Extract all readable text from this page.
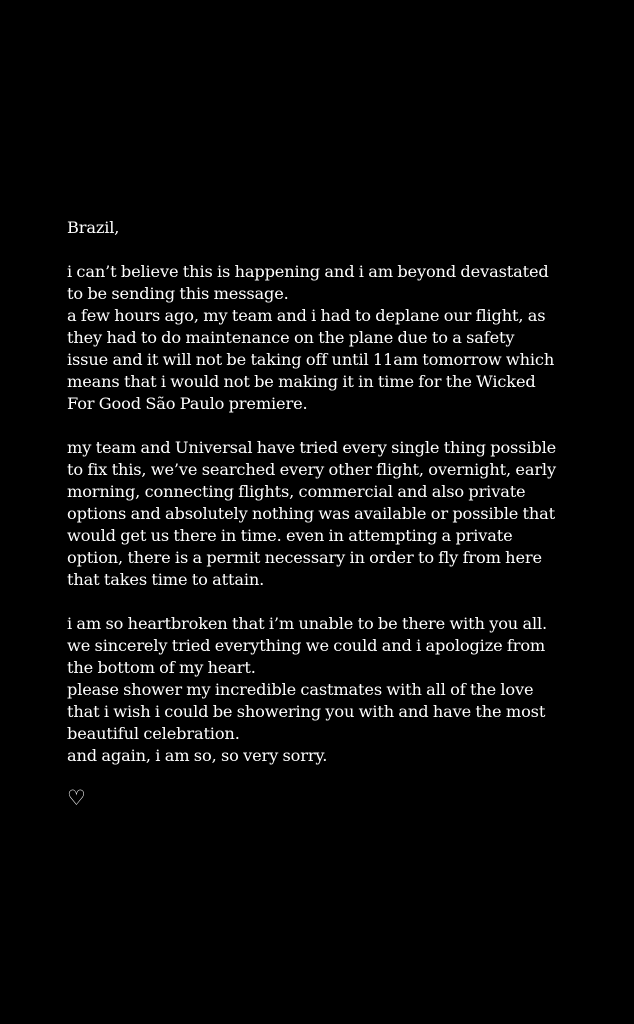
Brazil,
i can’t believe this is happening and i am beyond devastated
to be sending this message.
a few hours ago, my team and i had to deplane our flight, as
they had to do maintenance on the plane due to a safety
issue and it will not be taking off until 11am tomorrow which
means that i would not be making it in time for the Wicked
For Good São Paulo premiere.
my team and Universal have tried every single thing possible
to fix this, we’ve searched every other flight, overnight, early
morning, connecting flights, commercial and also private
options and absolutely nothing was available or possible that
would get us there in time. even in attempting a private
option, there is a permit necessary in order to fly from here
that takes time to attain.
i am so heartbroken that i’m unable to be there with you all.
we sincerely tried everything we could and i apologize from
the bottom of my heart.
please shower my incredible castmates with all of the love
that i wish i could be showering you with and have the most
beautiful celebration.
and again, i am so, so very sorry.
♡
